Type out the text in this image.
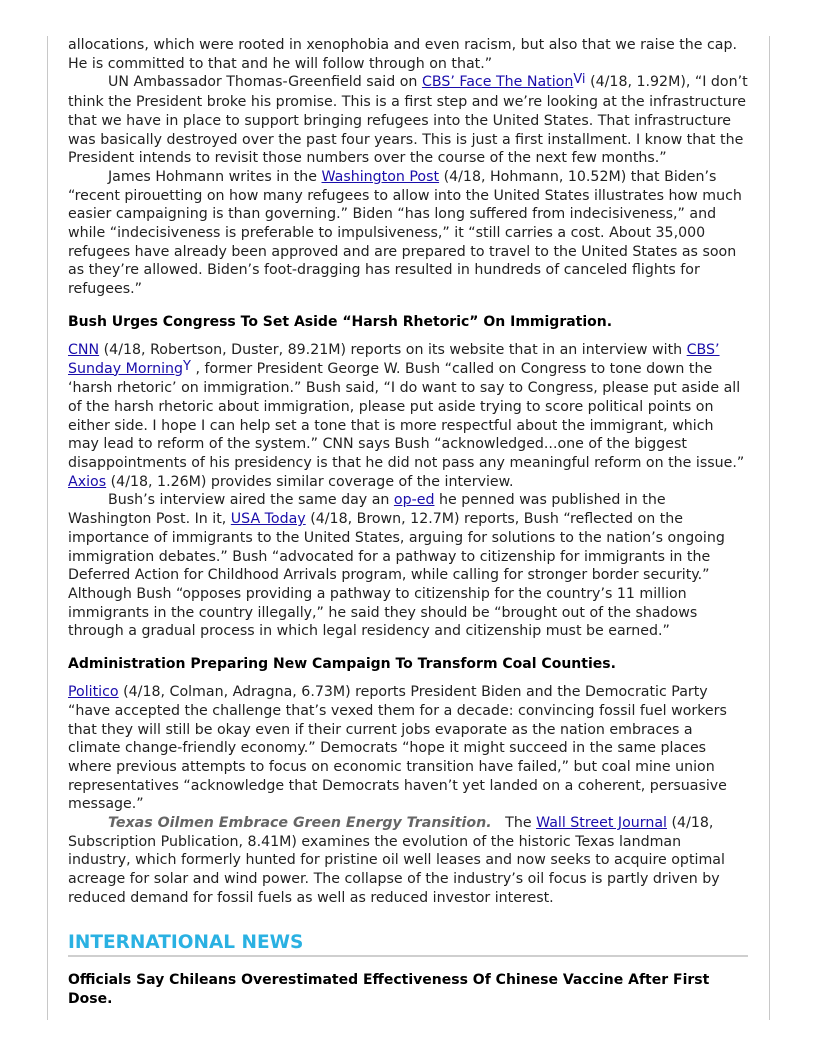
allocations, which were rooted in xenophobia and even racism, but also that we raise the cap. He is committed to that and he will follow through on that.”

UN Ambassador Thomas-Greenfield said on CBS’ Face The NationVi (4/18, 1.92M), “I don’t think the President broke his promise. This is a first step and we’re looking at the infrastructure that we have in place to support bringing refugees into the United States. That infrastructure was basically destroyed over the past four years. This is just a first installment. I know that the President intends to revisit those numbers over the course of the next few months.”

James Hohmann writes in the Washington Post (4/18, Hohmann, 10.52M) that Biden’s “recent pirouetting on how many refugees to allow into the United States illustrates how much easier campaigning is than governing.” Biden “has long suffered from indecisiveness,” and while “indecisiveness is preferable to impulsiveness,” it “still carries a cost. About 35,000 refugees have already been approved and are prepared to travel to the United States as soon as they’re allowed. Biden’s foot-dragging has resulted in hundreds of canceled flights for refugees.”

Bush Urges Congress To Set Aside “Harsh Rhetoric” On Immigration.

CNN (4/18, Robertson, Duster, 89.21M) reports on its website that in an interview with CBS’ Sunday MorningY , former President George W. Bush “called on Congress to tone down the ‘harsh rhetoric’ on immigration.” Bush said, “I do want to say to Congress, please put aside all of the harsh rhetoric about immigration, please put aside trying to score political points on either side. I hope I can help set a tone that is more respectful about the immigrant, which may lead to reform of the system.” CNN says Bush “acknowledged...one of the biggest disappointments of his presidency is that he did not pass any meaningful reform on the issue.” Axios (4/18, 1.26M) provides similar coverage of the interview.

Bush’s interview aired the same day an op-ed he penned was published in the Washington Post. In it, USA Today (4/18, Brown, 12.7M) reports, Bush “reflected on the importance of immigrants to the United States, arguing for solutions to the nation’s ongoing immigration debates.” Bush “advocated for a pathway to citizenship for immigrants in the Deferred Action for Childhood Arrivals program, while calling for stronger border security.” Although Bush “opposes providing a pathway to citizenship for the country’s 11 million immigrants in the country illegally,” he said they should be “brought out of the shadows through a gradual process in which legal residency and citizenship must be earned.”

Administration Preparing New Campaign To Transform Coal Counties.

Politico (4/18, Colman, Adragna, 6.73M) reports President Biden and the Democratic Party “have accepted the challenge that’s vexed them for a decade: convincing fossil fuel workers that they will still be okay even if their current jobs evaporate as the nation embraces a climate change-friendly economy.” Democrats “hope it might succeed in the same places where previous attempts to focus on economic transition have failed,” but coal mine union representatives “acknowledge that Democrats haven’t yet landed on a coherent, persuasive message.”

Texas Oilmen Embrace Green Energy Transition.   The Wall Street Journal (4/18, Subscription Publication, 8.41M) examines the evolution of the historic Texas landman industry, which formerly hunted for pristine oil well leases and now seeks to acquire optimal acreage for solar and wind power. The collapse of the industry’s oil focus is partly driven by reduced demand for fossil fuels as well as reduced investor interest.

INTERNATIONAL NEWS
Officials Say Chileans Overestimated Effectiveness Of Chinese Vaccine After First Dose.
